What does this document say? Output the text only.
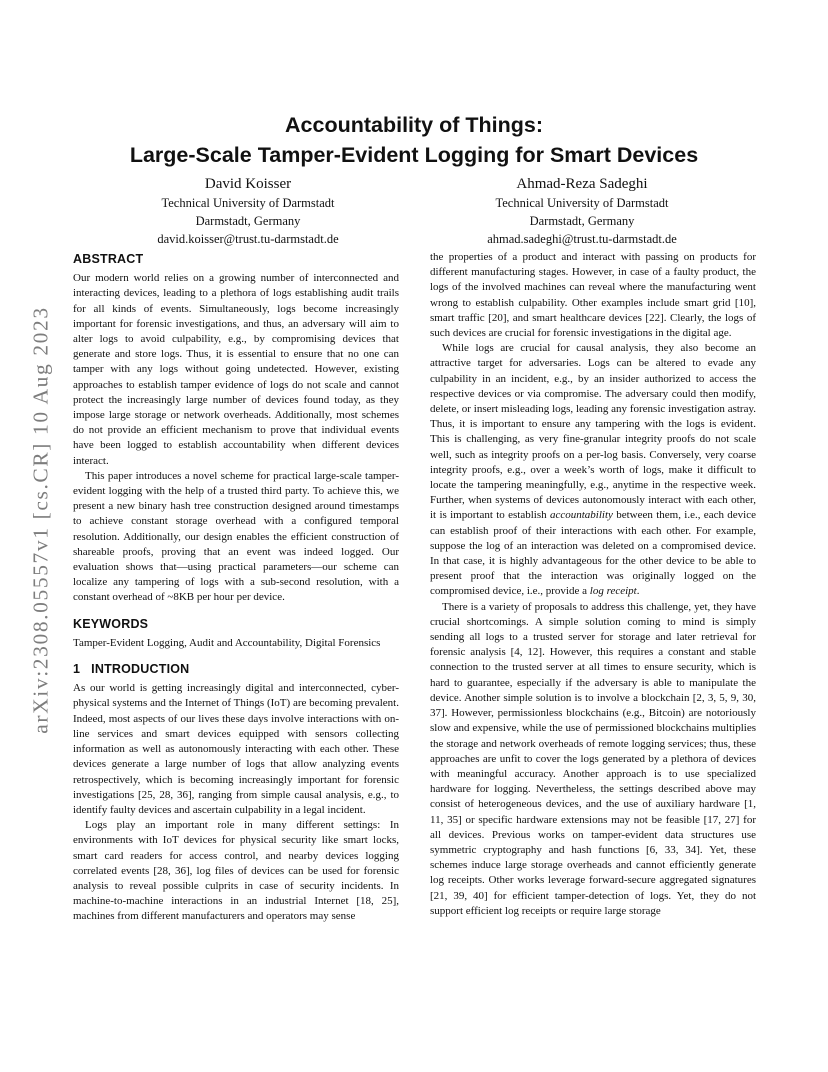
arXiv:2308.05557v1 [cs.CR] 10 Aug 2023
Accountability of Things:
Large-Scale Tamper-Evident Logging for Smart Devices
David Koisser
Technical University of Darmstadt
Darmstadt, Germany
david.koisser@trust.tu-darmstadt.de
Ahmad-Reza Sadeghi
Technical University of Darmstadt
Darmstadt, Germany
ahmad.sadeghi@trust.tu-darmstadt.de
ABSTRACT

Our modern world relies on a growing number of interconnected and interacting devices, leading to a plethora of logs establishing audit trails for all kinds of events. Simultaneously, logs become increasingly important for forensic investigations, and thus, an adversary will aim to alter logs to avoid culpability, e.g., by compromising devices that generate and store logs. Thus, it is essential to ensure that no one can tamper with any logs without going undetected. However, existing approaches to establish tamper evidence of logs do not scale and cannot protect the increasingly large number of devices found today, as they impose large storage or network overheads. Additionally, most schemes do not provide an efficient mechanism to prove that individual events have been logged to establish accountability when different devices interact.

This paper introduces a novel scheme for practical large-scale tamper-evident logging with the help of a trusted third party. To achieve this, we present a new binary hash tree construction designed around timestamps to achieve constant storage overhead with a configured temporal resolution. Additionally, our design enables the efficient construction of shareable proofs, proving that an event was indeed logged. Our evaluation shows that—using practical parameters—our scheme can localize any tampering of logs with a sub-second resolution, with a constant overhead of ~8KB per hour per device.

KEYWORDS

Tamper-Evident Logging, Audit and Accountability, Digital Forensics

1   INTRODUCTION

As our world is getting increasingly digital and interconnected, cyber-physical systems and the Internet of Things (IoT) are becoming prevalent. Indeed, most aspects of our lives these days involve interactions with on-line services and smart devices equipped with sensors collecting information as well as autonomously interacting with each other. These devices generate a large number of logs that allow analyzing events retrospectively, which is becoming increasingly important for forensic investigations [25, 28, 36], ranging from simple causal analysis, e.g., to identify faulty devices and ascertain culpability in a legal incident.

Logs play an important role in many different settings: In environments with IoT devices for physical security like smart locks, smart card readers for access control, and nearby devices logging correlated events [28, 36], log files of devices can be used for forensic analysis to reveal possible culprits in case of security incidents. In machine-to-machine interactions in an industrial Internet [18, 25], machines from different manufacturers and operators may sense

the properties of a product and interact with passing on products for different manufacturing stages. However, in case of a faulty product, the logs of the involved machines can reveal where the manufacturing went wrong to establish culpability. Other examples include smart grid [10], smart traffic [20], and smart healthcare devices [22]. Clearly, the logs of such devices are crucial for forensic investigations in the digital age.

While logs are crucial for causal analysis, they also become an attractive target for adversaries. Logs can be altered to evade any culpability in an incident, e.g., by an insider authorized to access the respective devices or via compromise. The adversary could then modify, delete, or insert misleading logs, leading any forensic investigation astray. Thus, it is important to ensure any tampering with the logs is evident. This is challenging, as very fine-granular integrity proofs do not scale well, such as integrity proofs on a per-log basis. Conversely, very coarse integrity proofs, e.g., over a week’s worth of logs, make it difficult to locate the tampering meaningfully, e.g., anytime in the respective week. Further, when systems of devices autonomously interact with each other, it is important to establish accountability between them, i.e., each device can establish proof of their interactions with each other. For example, suppose the log of an interaction was deleted on a compromised device. In that case, it is highly advantageous for the other device to be able to present proof that the interaction was originally logged on the compromised device, i.e., provide a log receipt.

There is a variety of proposals to address this challenge, yet, they have crucial shortcomings. A simple solution coming to mind is simply sending all logs to a trusted server for storage and later retrieval for forensic analysis [4, 12]. However, this requires a constant and stable connection to the trusted server at all times to ensure security, which is hard to guarantee, especially if the adversary is able to manipulate the device. Another simple solution is to involve a blockchain [2, 3, 5, 9, 30, 37]. However, permissionless blockchains (e.g., Bitcoin) are notoriously slow and expensive, while the use of permissioned blockchains multiplies the storage and network overheads of remote logging services; thus, these approaches are unfit to cover the logs generated by a plethora of devices with meaningful accuracy. Another approach is to use specialized hardware for logging. Nevertheless, the settings described above may consist of heterogeneous devices, and the use of auxiliary hardware [1, 11, 35] or specific hardware extensions may not be feasible [17, 27] for all devices. Previous works on tamper-evident data structures use symmetric cryptography and hash functions [6, 33, 34]. Yet, these schemes induce large storage overheads and cannot efficiently generate log receipts. Other works leverage forward-secure aggregated signatures [21, 39, 40] for efficient tamper-detection of logs. Yet, they do not support efficient log receipts or require large storage
